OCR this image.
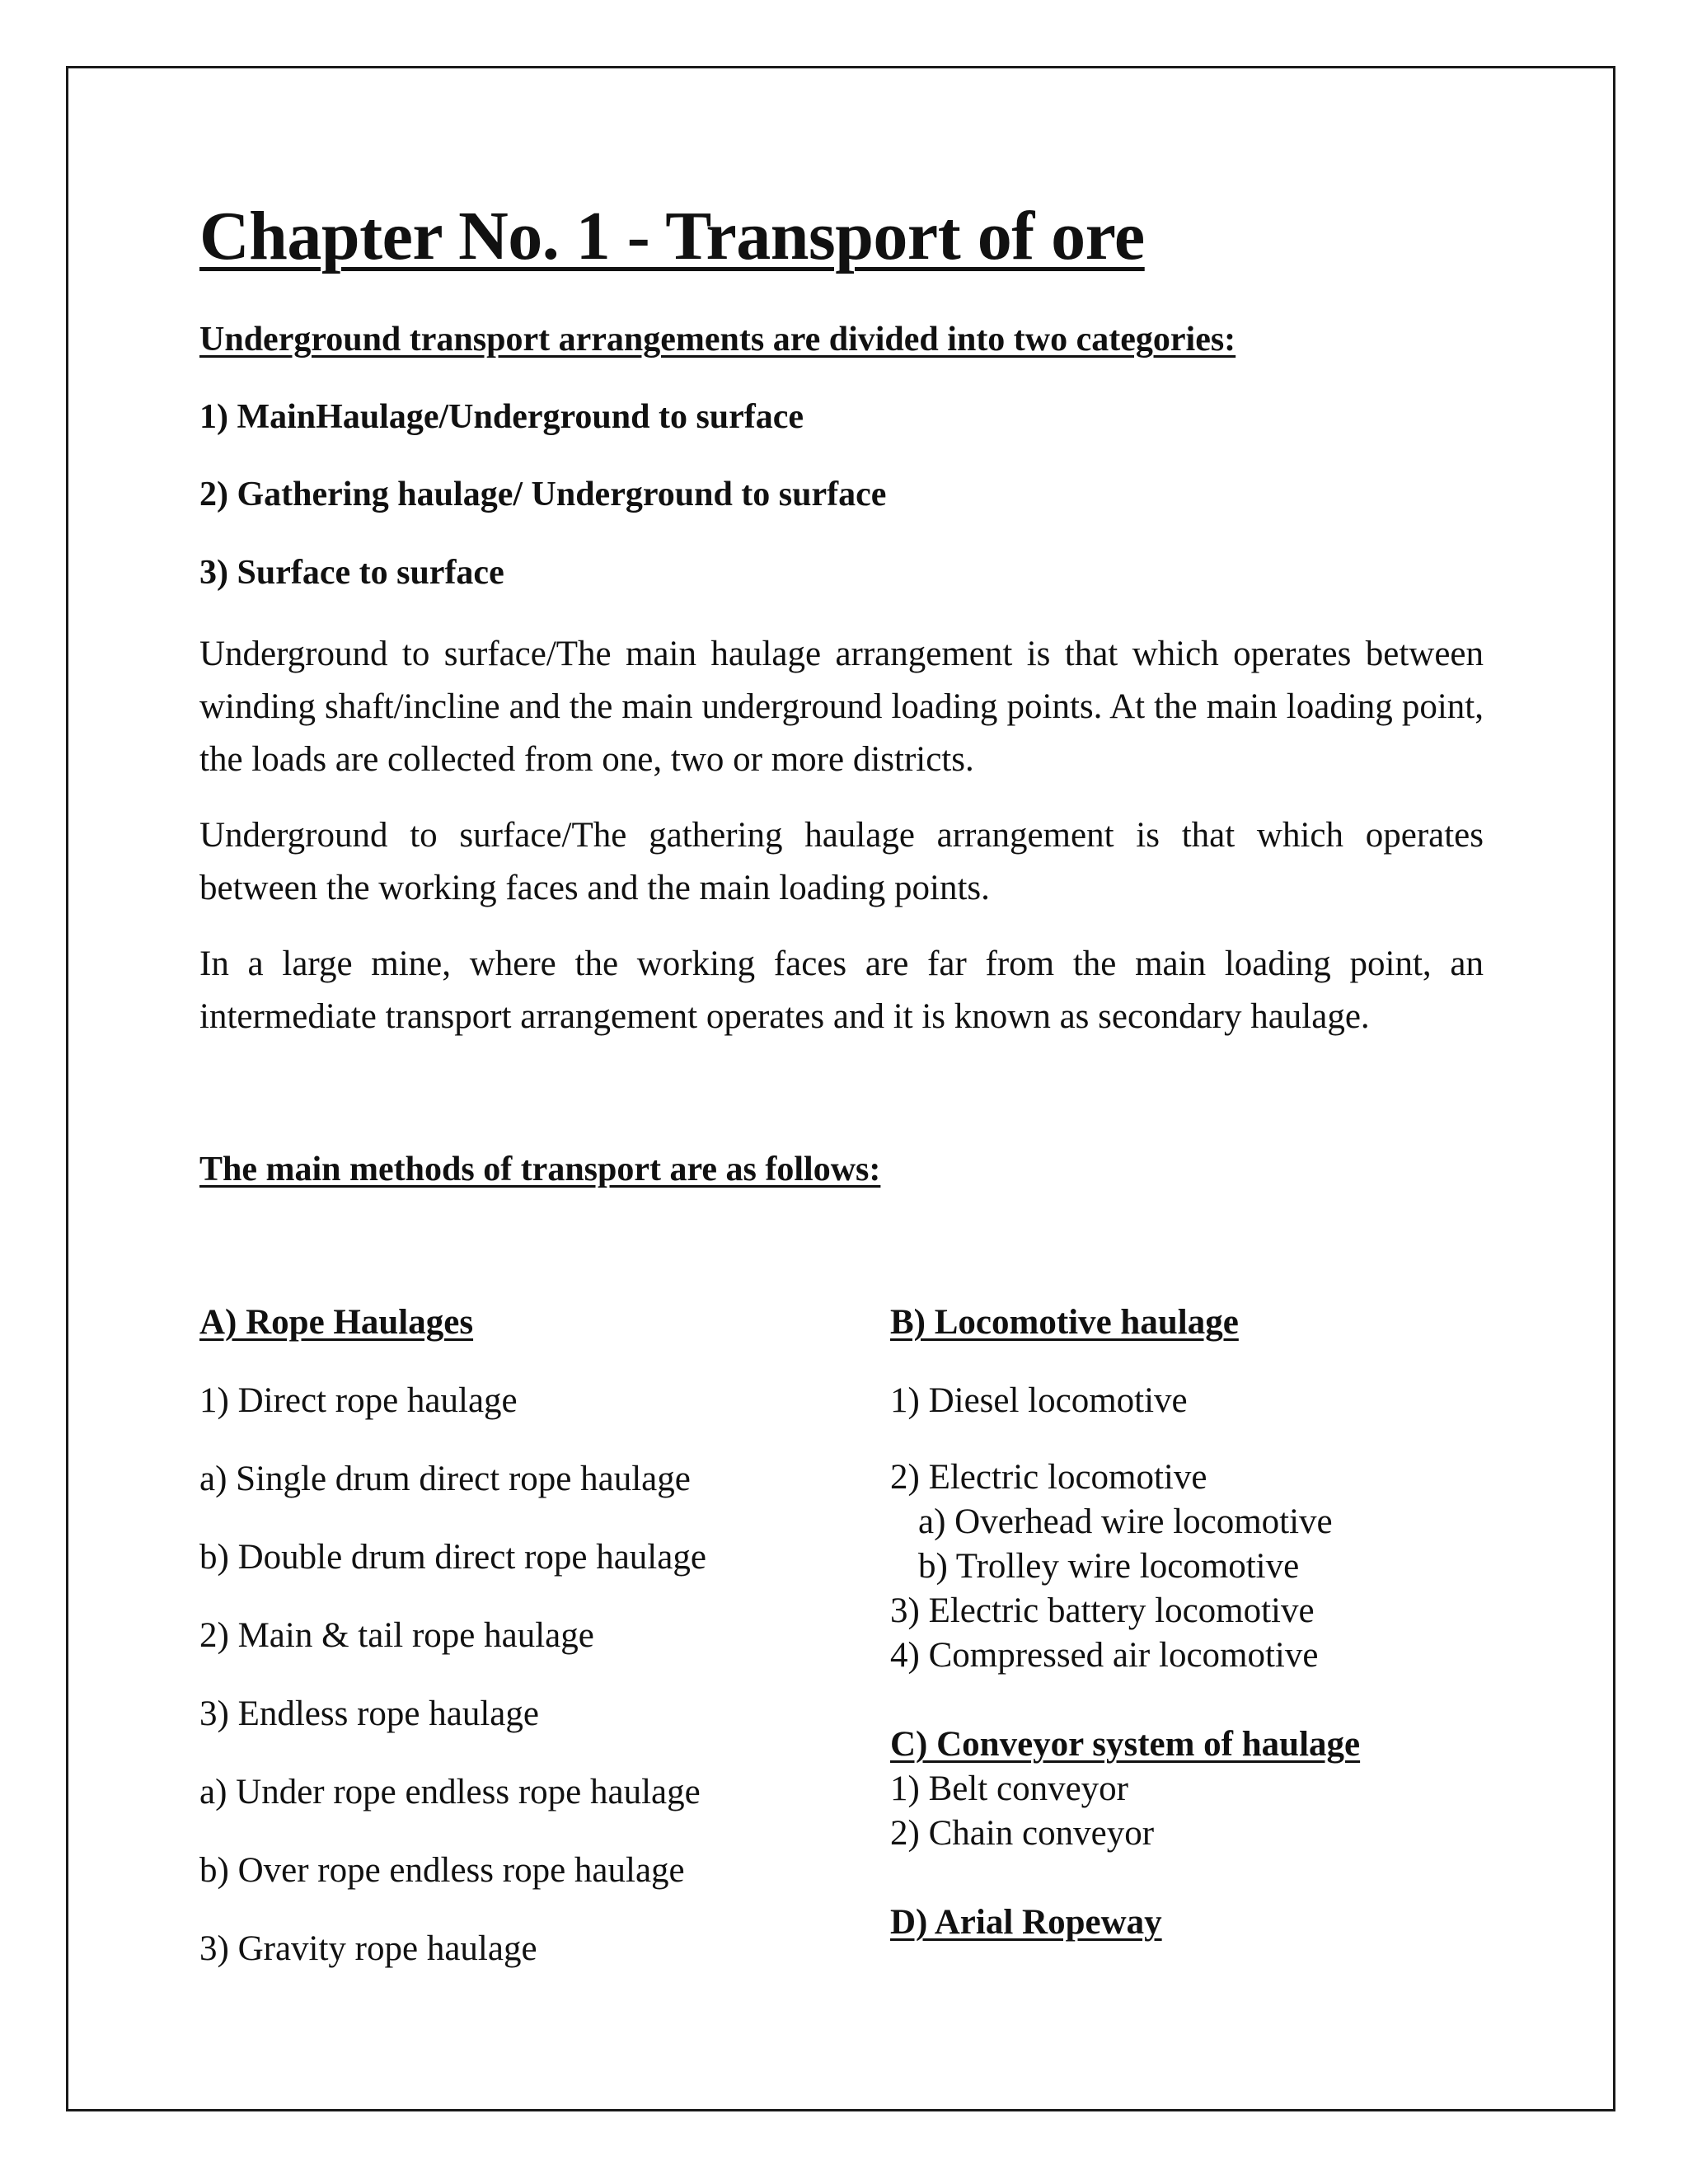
Chapter No. 1 - Transport of ore
Underground transport arrangements are divided into two categories:
1) MainHaulage/Underground to surface
2) Gathering haulage/ Underground to surface
3) Surface to surface
Underground to surface/The main haulage arrangement is that which operates between winding shaft/incline and the main underground loading points. At the main loading point, the loads are collected from one, two or more districts.
Underground to surface/The gathering haulage arrangement is that which operates between the working faces and the main loading points.
In a large mine, where the working faces are far from the main loading point, an intermediate transport arrangement operates and it is known as secondary haulage.
The main methods of transport are as follows:
A) Rope Haulages
1) Direct rope haulage
a) Single drum direct rope haulage
b) Double drum direct rope haulage
2) Main & tail rope haulage
3) Endless rope haulage
a) Under rope endless rope haulage
b) Over rope endless rope haulage
3) Gravity rope haulage
B) Locomotive haulage
1) Diesel locomotive
2) Electric locomotive
a) Overhead wire locomotive
b) Trolley wire locomotive
3) Electric battery locomotive
4) Compressed air locomotive
C) Conveyor system of haulage
1) Belt conveyor
2) Chain conveyor
D) Arial Ropeway
